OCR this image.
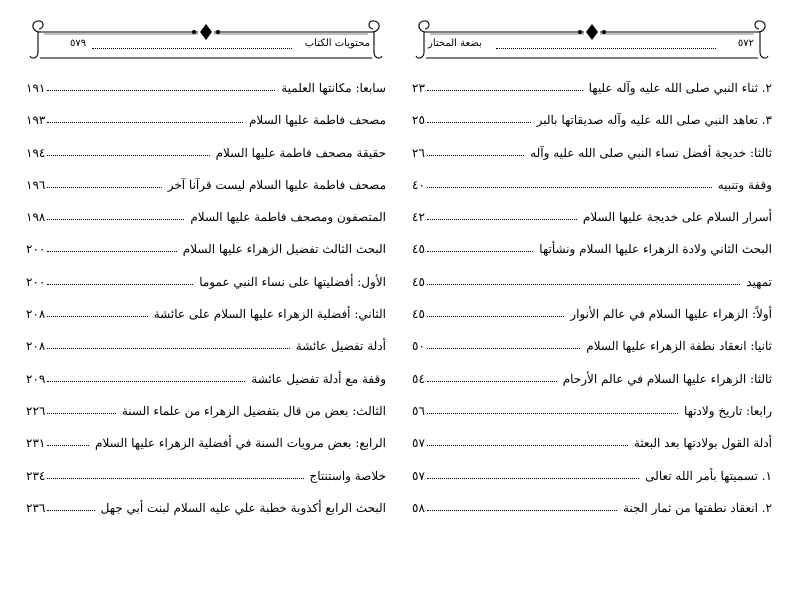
٥٧٩	محتويات الكتاب
١٩١	سابعا: مكانتها العلمية
١٩٣	مصحف فاطمة عليها السلام
١٩٤	حقيقة مصحف فاطمة عليها السلام
١٩٦	مصحف فاطمة عليها السلام ليست قرآنا آخر
١٩٨	المتصفون ومصحف فاطمة عليها السلام
٢٠٠	البحث الثالث تفضيل الزهراء عليها السلام
٢٠٠	الأول: أفضليتها على نساء النبي عموما
٢٠٨	الثاني: أفضلية الزهراء عليها السلام على عائشة
٢٠٨	أدلة تفضيل عائشة
٢٠٩	وقفة مع أدلة تفضيل عائشة
٢٢٦	الثالث: بعض من قال بتفضيل الزهراء من علماء السنة
٢٣١	الرابع: بعض مرويات السنة في أفضلية الزهراء عليها السلام
٢٣٤	خلاصة واستنتاج
٢٣٦	البحث الرابع أكذوبة خطبة علي عليه السلام لبنت أبي جهل
٥٧٢
بضعة المختار
٢٣	٢. ثناء النبي صلى الله عليه وآله عليها
٢٥	٣. تعاهد النبي صلى الله عليه وآله صديقاتها بالبر
٢٦	ثالثا: خديجة أفضل نساء النبي صلى الله عليه وآله
٤٠	وقفة وتنبيه
٤٢	أسرار السلام على خديجة عليها السلام
٤٥	البحث الثاني ولادة الزهراء عليها السلام ونشأتها
٤٥	تمهيد
٤٥	أولاً: الزهراء عليها السلام في عالم الأنوار
٥٠	ثانيا: انعقاد نطفة الزهراء عليها السلام
٥٤	ثالثا: الزهراء عليها السلام في عالم الأرحام
٥٦	رابعا: تاريخ ولادتها
٥٧	أدلة القول بولادتها بعد البعثة
٥٧	١. تسميتها بأمر الله تعالى
٥٨	٢. انعقاد نطفتها من ثمار الجنة
